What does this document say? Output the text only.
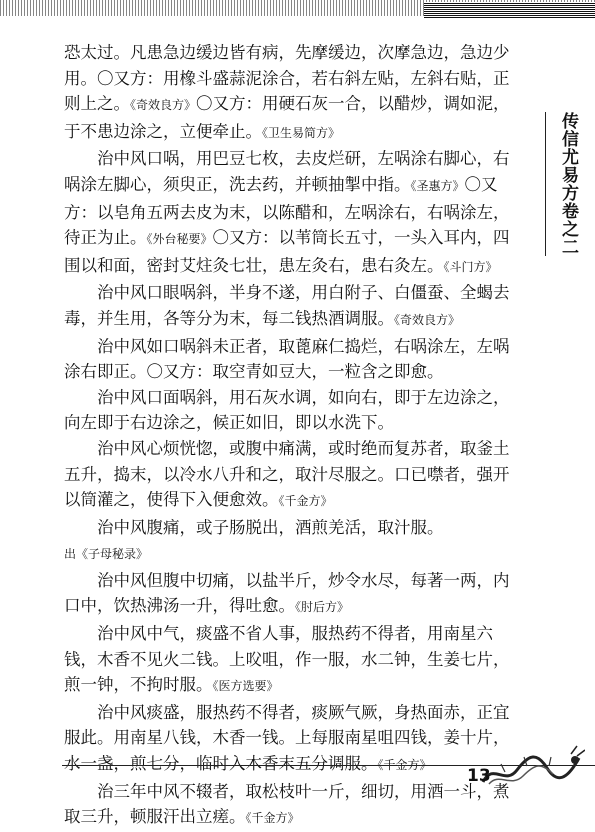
传信尤易方卷之二

恐太过。凡患急边缓边皆有病，先摩缓边，次摩急边，急边少用。〇又方：用橡斗盛蒜泥涂合，若右斜左贴，左斜右贴，正则上之。《奇效良方》〇又方：用硬石灰一合，以醋炒，调如泥，于不患边涂之，立便牵止。《卫生易简方》

治中风口㖞，用巴豆七枚，去皮烂研，左㖞涂右脚心，右㖞涂左脚心，须臾正，洗去药，并顿抽掣中指。《圣惠方》〇又方：以皂角五两去皮为末，以陈醋和，左㖞涂右，右㖞涂左，待正为止。《外台秘要》〇又方：以苇筒长五寸，一头入耳内，四围以和面，密封艾炷灸七壮，患左灸右，患右灸左。《斗门方》

治中风口眼㖞斜，半身不遂，用白附子、白僵蚕、全蝎去毒，并生用，各等分为末，每二钱热酒调服。《奇效良方》

治中风如口㖞斜未正者，取蓖麻仁捣烂，右㖞涂左，左㖞涂右即正。〇又方：取空青如豆大，一粒含之即愈。

治中风口面㖞斜，用石灰水调，如向右，即于左边涂之，向左即于右边涂之，候正如旧，即以水洗下。

治中风心烦恍惚，或腹中痛满，或时绝而复苏者，取釜土五升，捣末，以冷水八升和之，取汁尽服之。口已噤者，强开以筒灌之，使得下入便愈效。《千金方》

治中风腹痛，或子肠脱出，酒煎羌活，取汁服。出《子母秘录》

治中风但腹中切痛，以盐半斤，炒令水尽，每著一两，内口中，饮热沸汤一升，得吐愈。《肘后方》

治中风中气，痰盛不省人事，服热药不得者，用南星六钱，木香不见火二钱。上㕮咀，作一服，水二钟，生姜七片，煎一钟，不拘时服。《医方选要》

治中风痰盛，服热药不得者，痰厥气厥，身热面赤，正宜服此。用南星八钱，木香一钱。上每服南星咀四钱，姜十片，水一盏，煎七分，临时入木香末五分调服。《千金方》

治三年中风不辍者，取松枝叶一斤，细切，用酒一斗，煮取三升，顿服汗出立瘥。《千金方》

13
